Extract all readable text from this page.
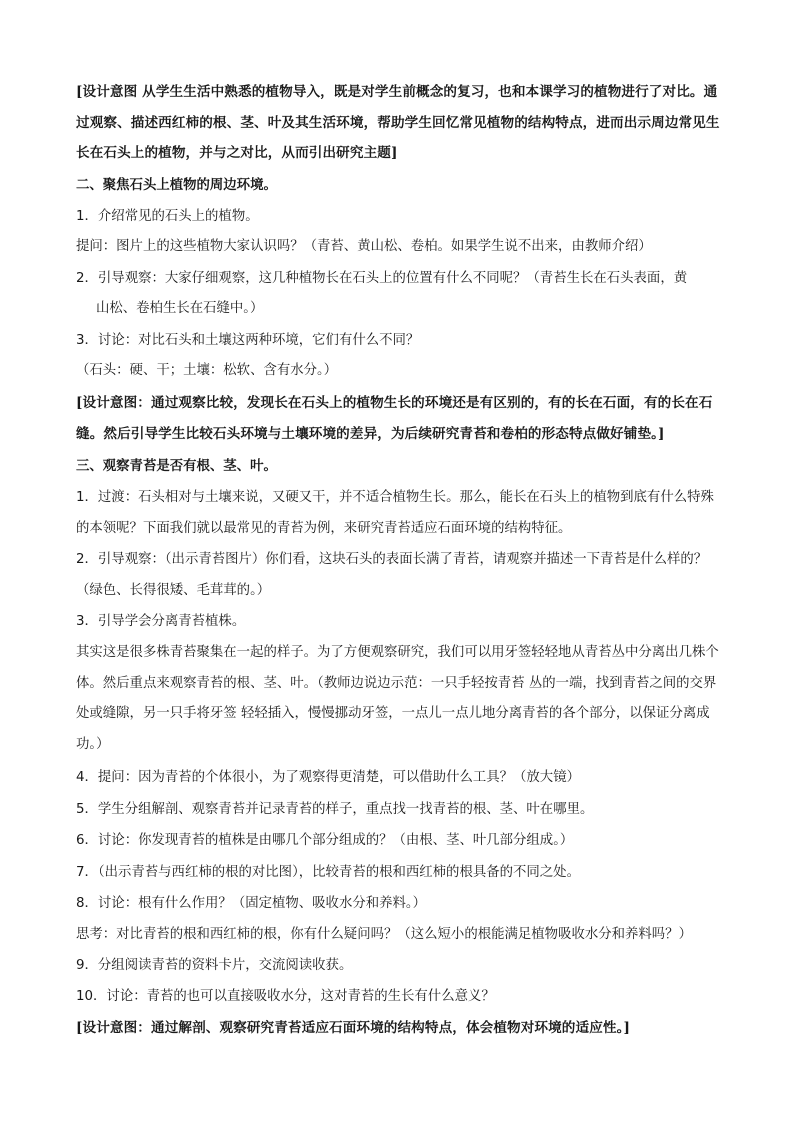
[设计意图 从学生生活中熟悉的植物导入，既是对学生前概念的复习，也和本课学习的植物进行了对比。通过观察、描述西红柿的根、茎、叶及其生活环境，帮助学生回忆常见植物的结构特点，进而出示周边常见生长在石头上的植物，并与之对比，从而引出研究主题]

二、聚焦石头上植物的周边环境。

1．介绍常见的石头上的植物。

提问：图片上的这些植物大家认识吗？（青苔、黄山松、卷柏。如果学生说不出来，由教师介绍）

2．引导观察：大家仔细观察，这几种植物长在石头上的位置有什么不同呢？（青苔生长在石头表面，黄

山松、卷柏生长在石缝中。）

3．讨论：对比石头和土壤这两种环境，它们有什么不同？

（石头：硬、干；土壤：松软、含有水分。）

[设计意图：通过观察比较，发现长在石头上的植物生长的环境还是有区别的，有的长在石面，有的长在石缝。然后引导学生比较石头环境与土壤环境的差异，为后续研究青苔和卷柏的形态特点做好铺垫。]

三、观察青苔是否有根、茎、叶。

1．过渡：石头相对与土壤来说，又硬又干，并不适合植物生长。那么，能长在石头上的植物到底有什么特殊的本领呢？下面我们就以最常见的青苔为例，来研究青苔适应石面环境的结构特征。

2．引导观察：（出示青苔图片）你们看，这块石头的表面长满了青苔，请观察并描述一下青苔是什么样的？（绿色、长得很矮、毛茸茸的。）

3．引导学会分离青苔植株。

其实这是很多株青苔聚集在一起的样子。为了方便观察研究，我们可以用牙签轻轻地从青苔丛中分离出几株个体。然后重点来观察青苔的根、茎、叶。（教师边说边示范：一只手轻按青苔 丛的一端，找到青苔之间的交界处或缝隙，另一只手将牙签 轻轻插入，慢慢挪动牙签，一点儿一点儿地分离青苔的各个部分，以保证分离成功。）

4．提问：因为青苔的个体很小，为了观察得更清楚，可以借助什么工具？（放大镜）

5．学生分组解剖、观察青苔并记录青苔的样子，重点找一找青苔的根、茎、叶在哪里。

6．讨论：你发现青苔的植株是由哪几个部分组成的？（由根、茎、叶几部分组成。）

7．（出示青苔与西红柿的根的对比图），比较青苔的根和西红柿的根具备的不同之处。

8．讨论：根有什么作用？（固定植物、吸收水分和养料。）

思考：对比青苔的根和西红柿的根，你有什么疑问吗？（这么短小的根能满足植物吸收水分和养料吗？）

9．分组阅读青苔的资料卡片，交流阅读收获。

10．讨论：青苔的也可以直接吸收水分，这对青苔的生长有什么意义？

[设计意图：通过解剖、观察研究青苔适应石面环境的结构特点，体会植物对环境的适应性。]
